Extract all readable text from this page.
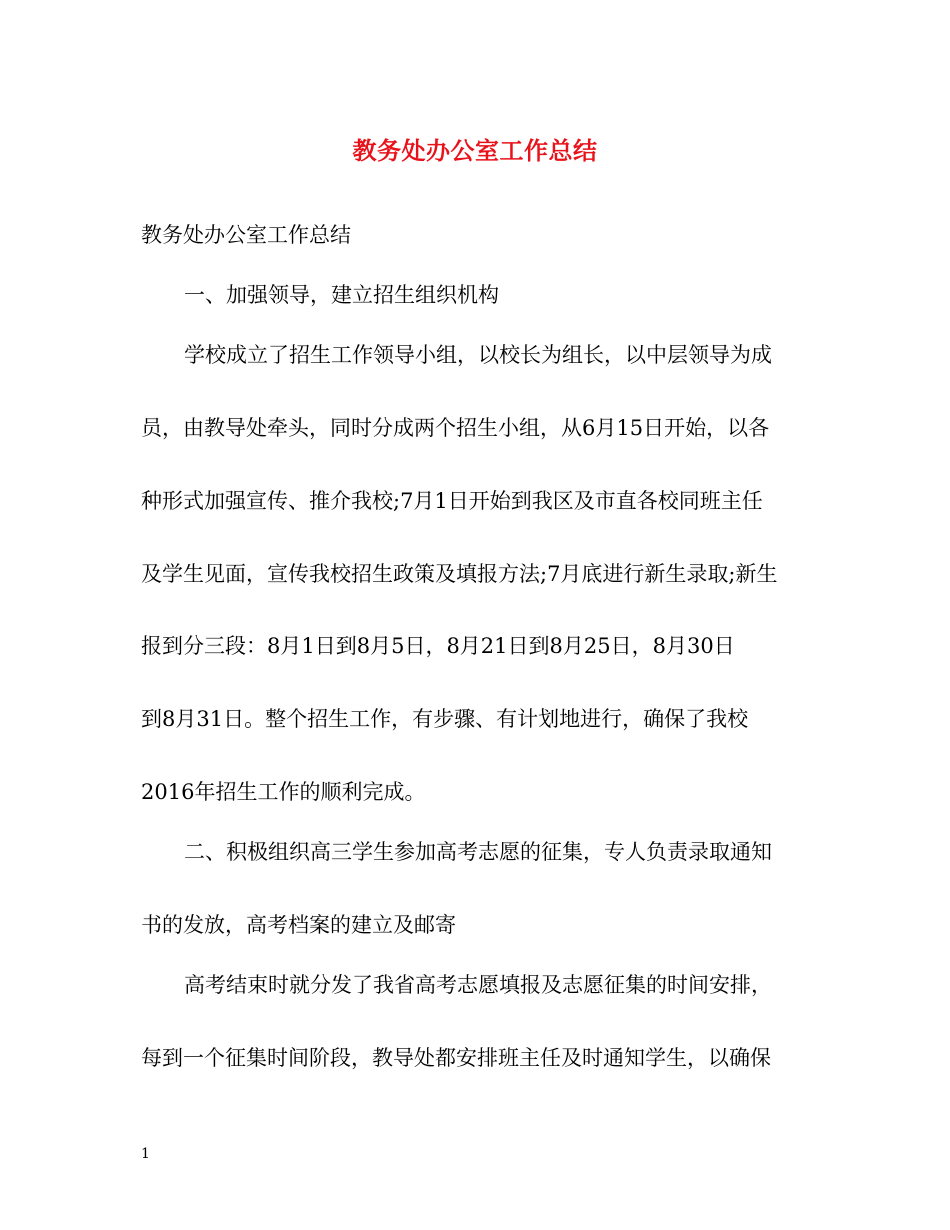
教务处办公室工作总结
教务处办公室工作总结
一、加强领导，建立招生组织机构
学校成立了招生工作领导小组，以校长为组长，以中层领导为成
员，由教导处牵头，同时分成两个招生小组，从6月15日开始，以各
种形式加强宣传、推介我校;7月1日开始到我区及市直各校同班主任
及学生见面，宣传我校招生政策及填报方法;7月底进行新生录取;新生
报到分三段：8月1日到8月5日，8月21日到8月25日，8月30日
到8月31日。整个招生工作，有步骤、有计划地进行，确保了我校
2016年招生工作的顺利完成。
二、积极组织高三学生参加高考志愿的征集，专人负责录取通知
书的发放，高考档案的建立及邮寄
高考结束时就分发了我省高考志愿填报及志愿征集的时间安排，
每到一个征集时间阶段，教导处都安排班主任及时通知学生，以确保
1
